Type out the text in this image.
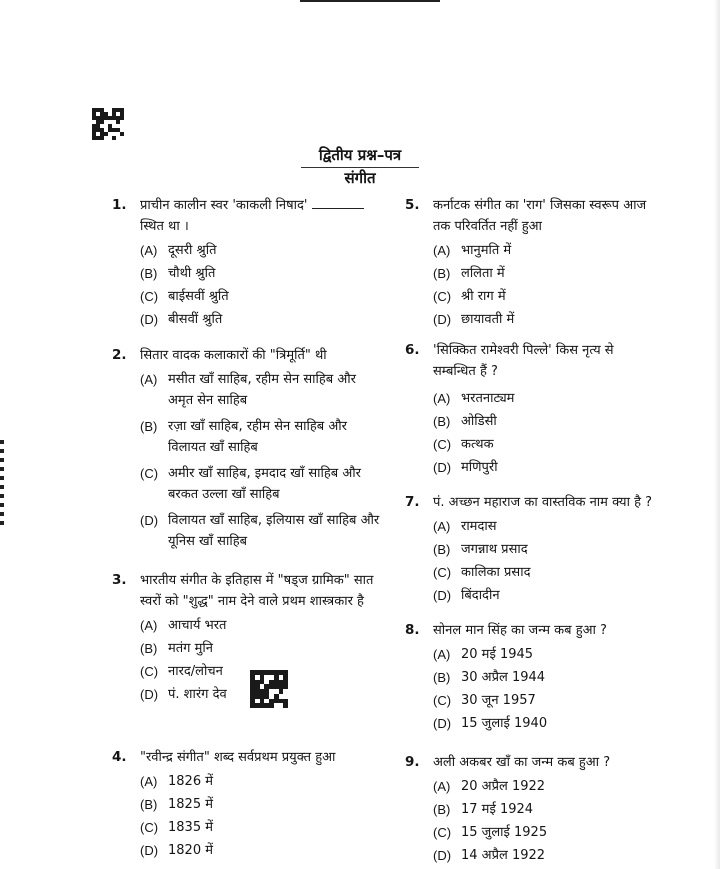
द्वितीय प्रश्न–पत्र
संगीत
1. प्राचीन कालीन स्वर 'काकली निषाद'
स्थित था ।
(A) दूसरी श्रुति
(B) चौथी श्रुति
(C) बाईसवीं श्रुति
(D) बीसवीं श्रुति
2. सितार वादक कलाकारों की "त्रिमूर्ति" थी
(A) मसीत खाँ साहिब, रहीम सेन साहिब और अमृत सेन साहिब
(B) रज़ा खाँ साहिब, रहीम सेन साहिब और विलायत खाँ साहिब
(C) अमीर खाँ साहिब, इमदाद खाँ साहिब और बरकत उल्ला खाँ साहिब
(D) विलायत खाँ साहिब, इलियास खाँ साहिब और यूनिस खाँ साहिब
3. भारतीय संगीत के इतिहास में "षड्ज ग्रामिक" सात स्वरों को "शुद्ध" नाम देने वाले प्रथम शास्त्रकार है
(A) आचार्य भरत
(B) मतंग मुनि
(C) नारद/लोचन
(D) पं. शारंग देव
4. "रवीन्द्र संगीत" शब्द सर्वप्रथम प्रयुक्त हुआ
(A) 1826 में
(B) 1825 में
(C) 1835 में
(D) 1820 में
5. कर्नाटक संगीत का 'राग' जिसका स्वरूप आज तक परिवर्तित नहीं हुआ
(A) भानुमति में
(B) ललिता में
(C) श्री राग में
(D) छायावती में
6. 'सिक्कित रामेश्वरी पिल्ले' किस नृत्य से सम्बन्धित हैं ?
(A) भरतनाट्यम
(B) ओडिसी
(C) कत्थक
(D) मणिपुरी
7. पं. अच्छन महाराज का वास्तविक नाम क्या है ?
(A) रामदास
(B) जगन्नाथ प्रसाद
(C) कालिका प्रसाद
(D) बिंदादीन
8. सोनल मान सिंह का जन्म कब हुआ ?
(A) 20 मई 1945
(B) 30 अप्रैल 1944
(C) 30 जून 1957
(D) 15 जुलाई 1940
9. अली अकबर खाँ का जन्म कब हुआ ?
(A) 20 अप्रैल 1922
(B) 17 मई 1924
(C) 15 जुलाई 1925
(D) 14 अप्रैल 1922
